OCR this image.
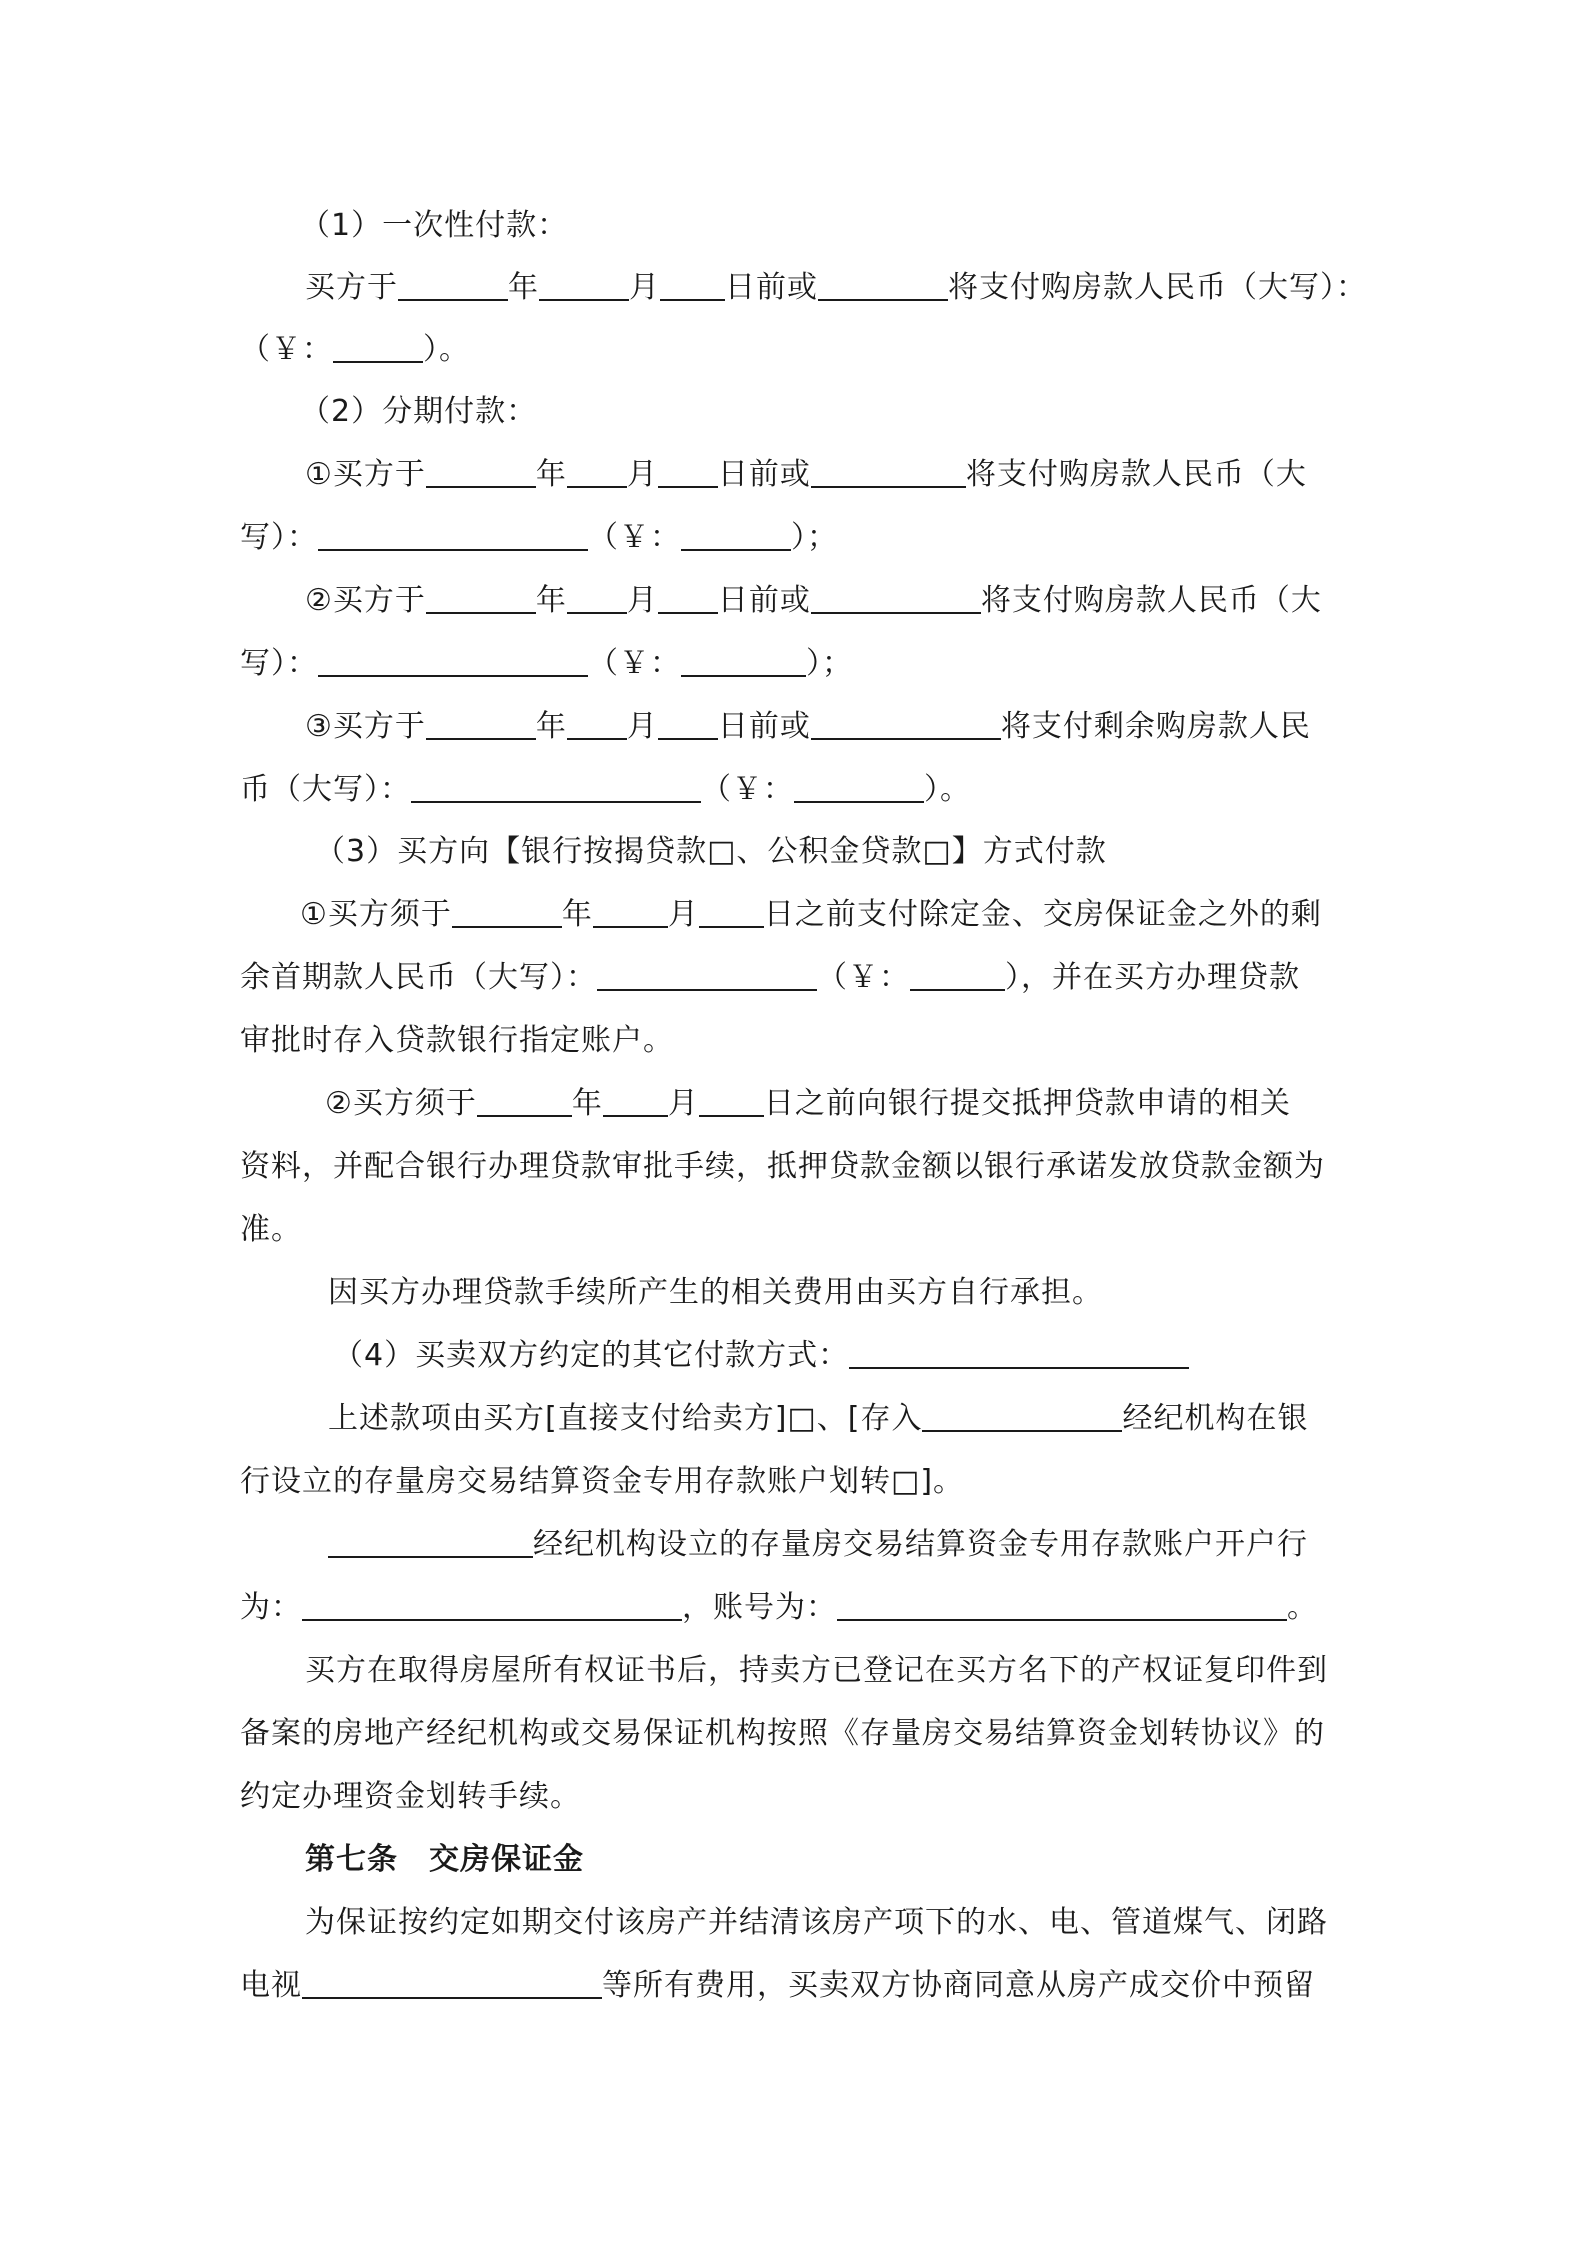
（1）一次性付款：
买方于	年	月 日前或	将支付购房款人民币（大写）：
（￥：	）。
（2）分期付款：
①买方于	年 月 日前或	将支付购房款人民币（大
写）：	（￥：	）；
②买方于	年 月 日前或	将支付购房款人民币（大
写）：	（￥：	）；
③买方于	年 月 日前或	将支付剩余购房款人民
币（大写）：	（￥：	）。
（3）买方向【银行按揭贷款□、公积金贷款□】方式付款
①买方须于	年	月 日之前支付除定金、交房保证金之外的剩
余首期款人民币（大写）：	（￥：	），并在买方办理贷款
审批时存入贷款银行指定账户。
②买方须于	年 月 日之前向银行提交抵押贷款申请的相关
资料，并配合银行办理贷款审批手续，抵押贷款金额以银行承诺发放贷款金额为
准。
因买方办理贷款手续所产生的相关费用由买方自行承担。
（4）买卖双方约定的其它付款方式：
上述款项由买方[直接支付给卖方]□、[存入	经纪机构在银
行设立的存量房交易结算资金专用存款账户划转□]。
经纪机构设立的存量房交易结算资金专用存款账户开户行
为：	，账号为：	。
买方在取得房屋所有权证书后，持卖方已登记在买方名下的产权证复印件到
备案的房地产经纪机构或交易保证机构按照《存量房交易结算资金划转协议》的
约定办理资金划转手续。
第七条　交房保证金
为保证按约定如期交付该房产并结清该房产项下的水、电、管道煤气、闭路
电视	等所有费用，买卖双方协商同意从房产成交价中预留
